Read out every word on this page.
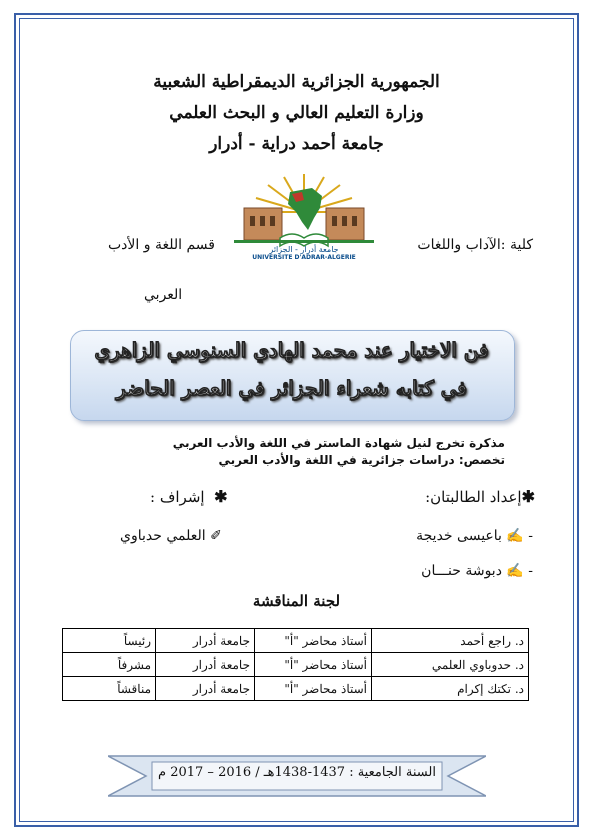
الجمهورية الجزائرية الديمقراطية الشعبية
وزارة التعليم العالي و البحث العلمي
جامعة أحمد دراية - أدرار
جامعة أدرار - الجزائر
UNIVERSITE D'ADRAR-ALGERIE
كلية :الآداب واللغات
قسم اللغة و الأدب
العربي
فن الاختيار عند محمد الهادي السنوسي الزاهري
في كتابه شعراء الجزائر في العصر الحاضر
مذكرة تخرج لنيل شهادة الماستر في اللغة والأدب العربي
تخصص: دراسات جزائرية في اللغة والأدب العربي
✱إعداد الطالبتان:
✱  إشراف :
- ✍ باعيسى خديجة
- ✍ دبوشة حنـــان
✐ العلمي حدباوي
لجنة المناقشة
د. راجع أحمد	أستاذ محاضر "أ"	جامعة أدرار	رئيساً
د. حدوباوي العلمي	أستاذ محاضر "أ"	جامعة أدرار	مشرفاً
د. تكتك إكرام	أستاذ محاضر "أ"	جامعة أدرار	مناقشاً
السنة الجامعية : 1437-1438هـ / 2016 – 2017 م
